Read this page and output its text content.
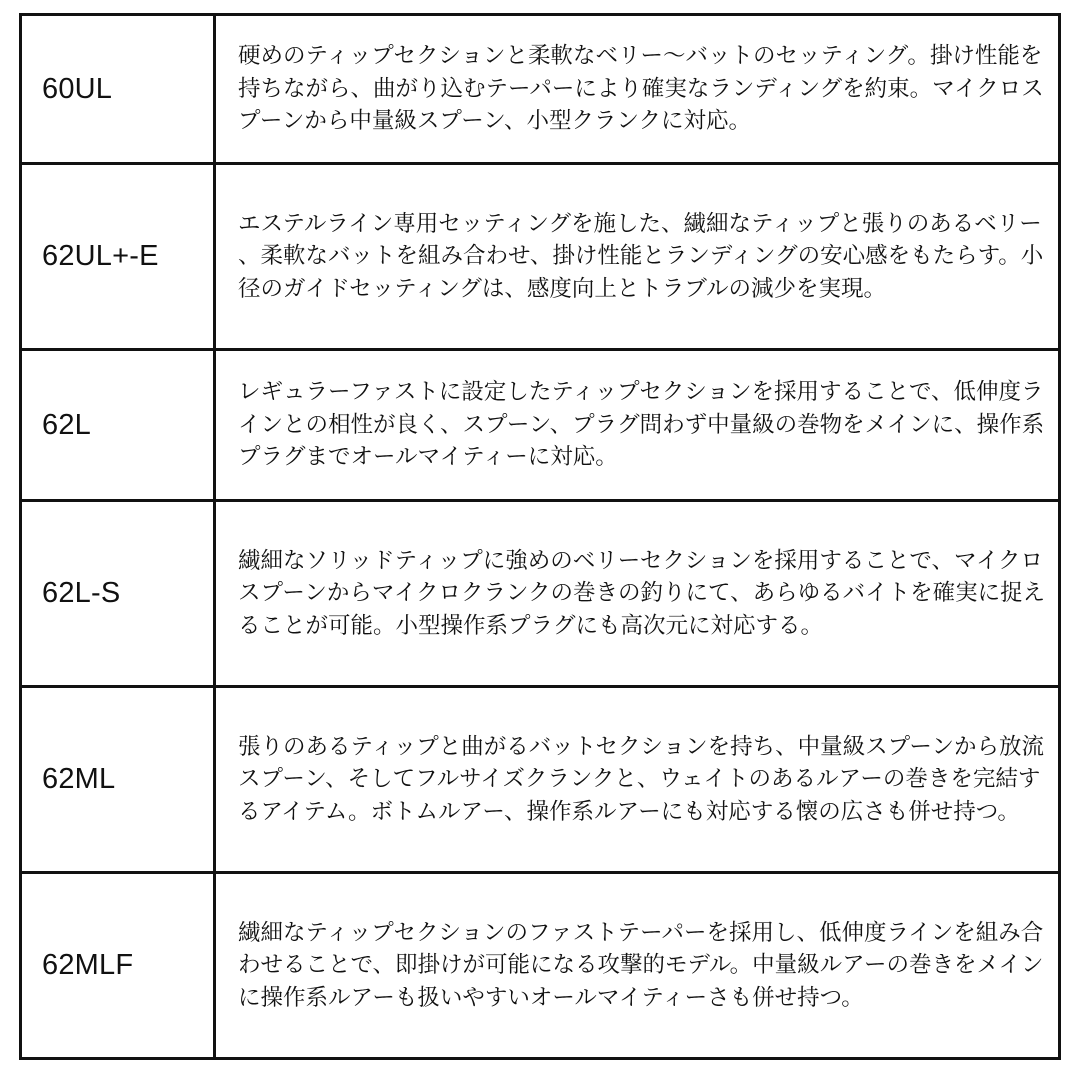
60UL	硬めのティップセクションと柔軟なベリー〜バットのセッティング。掛け性能を持ちながら、曲がり込むテーパーにより確実なランディングを約束。マイクロスプーンから中量級スプーン、小型クランクに対応。

62UL+-E	エステルライン専用セッティングを施した、繊細なティップと張りのあるベリー、柔軟なバットを組み合わせ、掛け性能とランディングの安心感をもたらす。小径のガイドセッティングは、感度向上とトラブルの減少を実現。

62L	レギュラーファストに設定したティップセクションを採用することで、低伸度ラインとの相性が良く、スプーン、プラグ問わず中量級の巻物をメインに、操作系プラグまでオールマイティーに対応。

62L-S	繊細なソリッドティップに強めのベリーセクションを採用することで、マイクロスプーンからマイクロクランクの巻きの釣りにて、あらゆるバイトを確実に捉えることが可能。小型操作系プラグにも高次元に対応する。

62ML	張りのあるティップと曲がるバットセクションを持ち、中量級スプーンから放流スプーン、そしてフルサイズクランクと、ウェイトのあるルアーの巻きを完結するアイテム。ボトムルアー、操作系ルアーにも対応する懐の広さも併せ持つ。

62MLF	繊細なティップセクションのファストテーパーを採用し、低伸度ラインを組み合わせることで、即掛けが可能になる攻撃的モデル。中量級ルアーの巻きをメインに操作系ルアーも扱いやすいオールマイティーさも併せ持つ。
